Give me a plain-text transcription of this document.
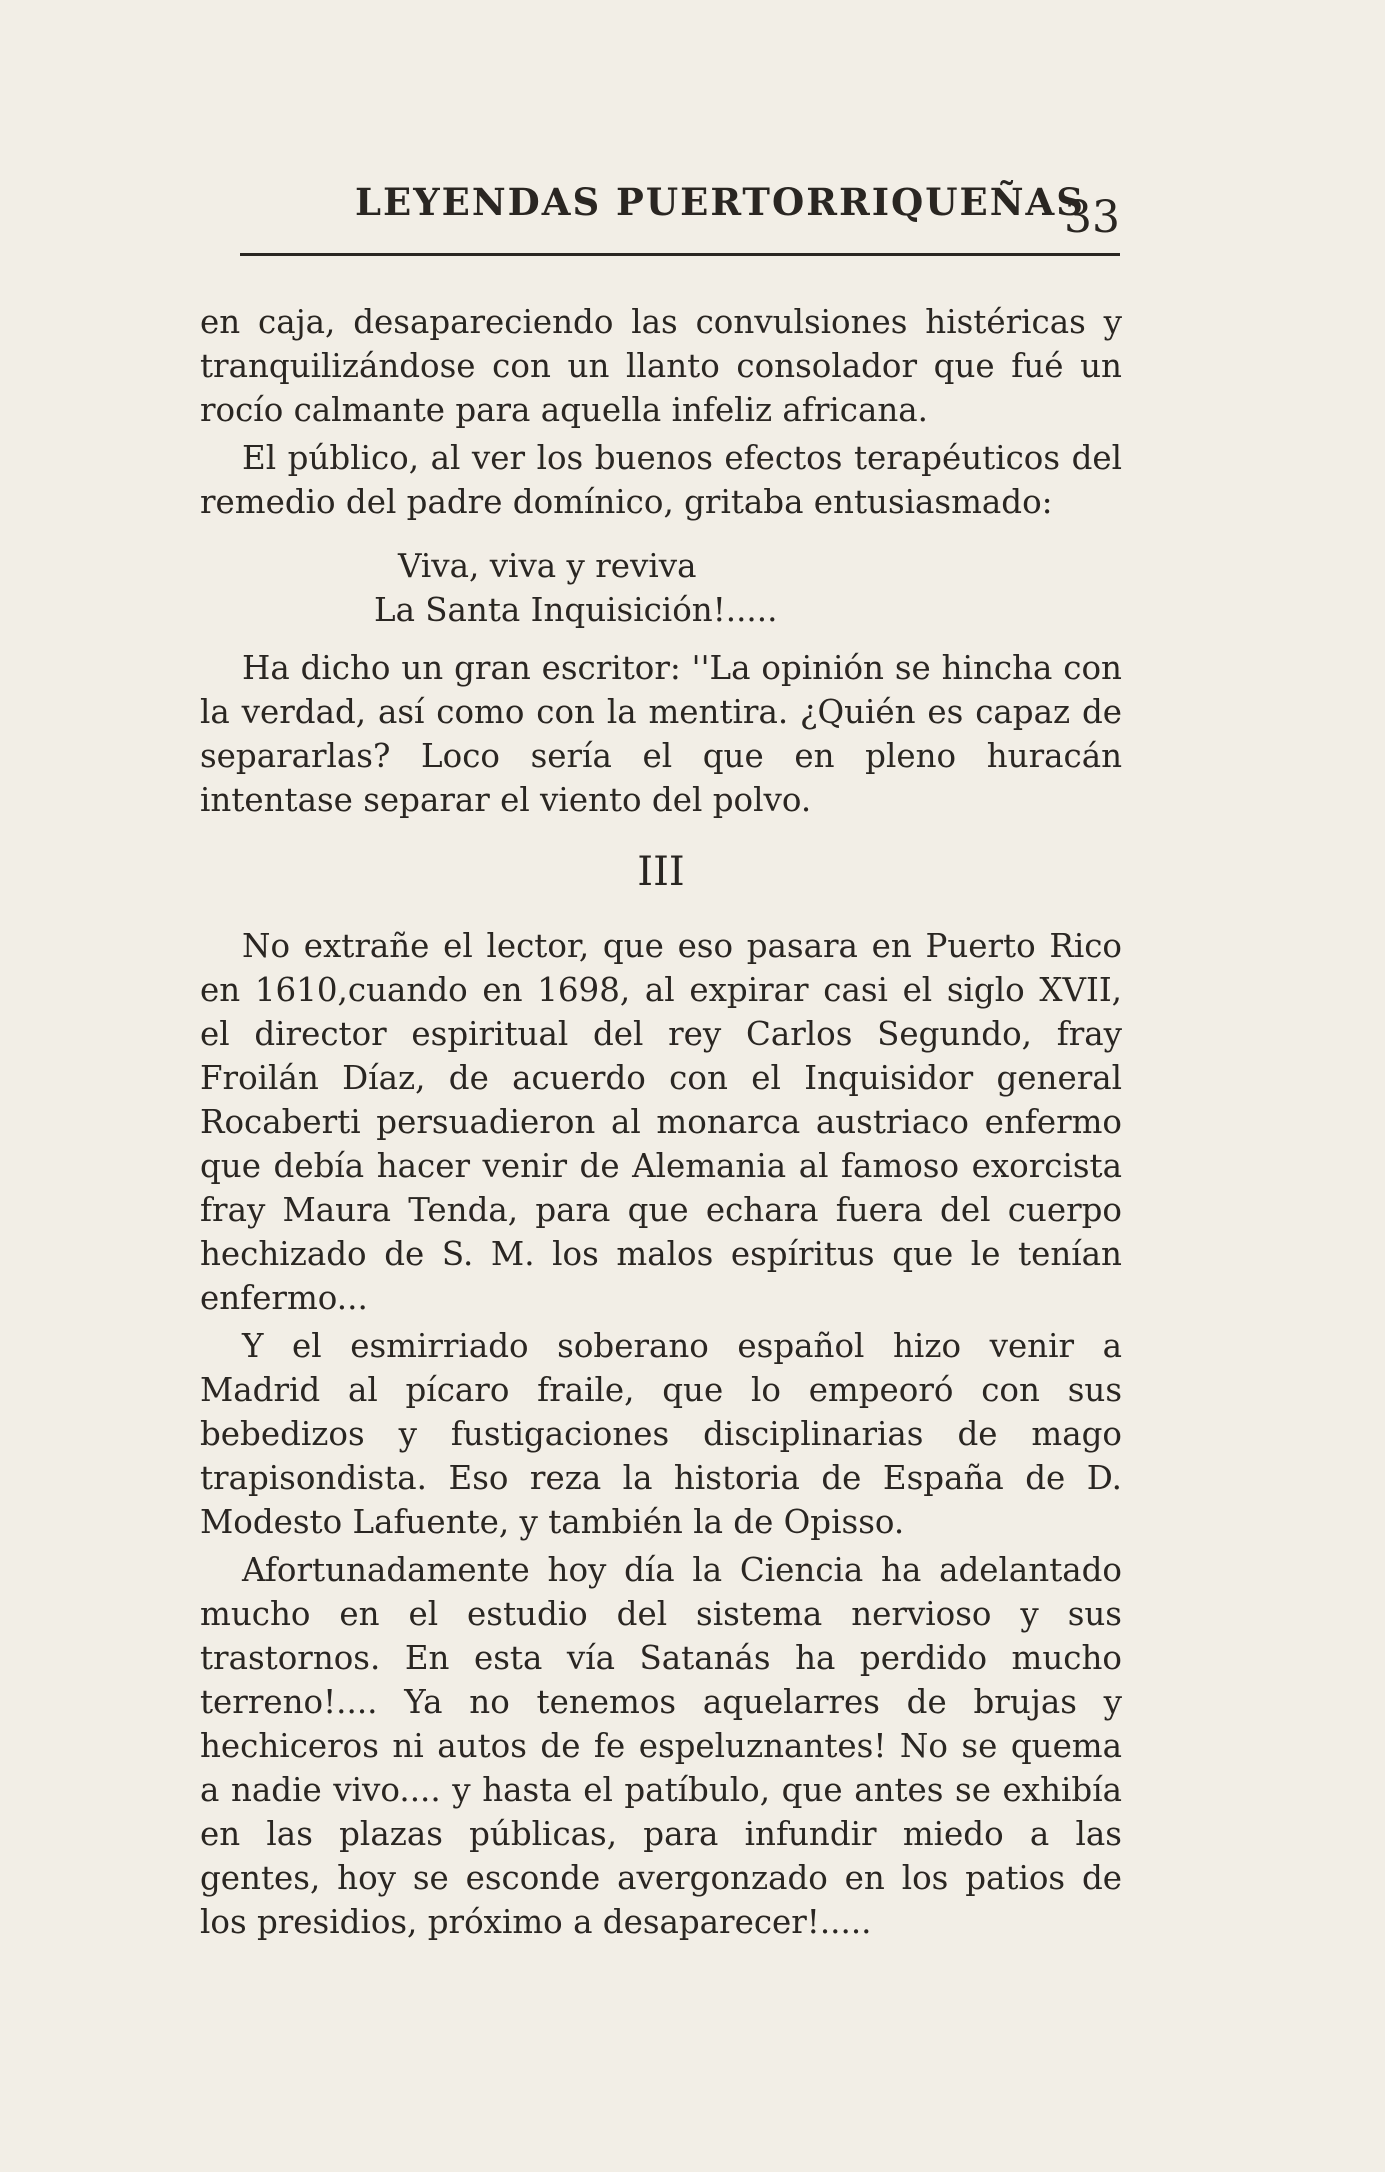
LEYENDAS PUERTORRIQUEÑAS
33

en caja, desapareciendo las convulsiones histéricas y tranquilizándose con un llanto consolador que fué un rocío calmante para aquella infeliz africana.

El público, al ver los buenos efectos terapéuticos del remedio del padre domínico, gritaba entusiasmado:

Viva, viva y reviva
La Santa Inquisición!.....

Ha dicho un gran escritor: ''La opinión se hincha con la verdad, así como con la mentira. ¿Quién es capaz de separarlas? Loco sería el que en pleno huracán intentase separar el viento del polvo.

III

No extrañe el lector, que eso pasara en Puerto Rico en 1610,cuando en 1698, al expirar casi el siglo XVII, el director espiritual del rey Carlos Segundo, fray Froilán Díaz, de acuerdo con el Inquisidor general Rocaberti persuadieron al monarca austriaco enfermo que debía hacer venir de Alemania al famoso exorcista fray Maura Tenda, para que echara fuera del cuerpo hechizado de S. M. los malos espíritus que le tenían enfermo...

Y el esmirriado soberano español hizo venir a Madrid al pícaro fraile, que lo empeoró con sus bebedizos y fustigaciones disciplinarias de mago trapisondista. Eso reza la historia de España de D. Modesto Lafuente, y también la de Opisso.

Afortunadamente hoy día la Ciencia ha adelantado mucho en el estudio del sistema nervioso y sus trastornos. En esta vía Satanás ha perdido mucho terreno!.... Ya no tenemos aquelarres de brujas y hechiceros ni autos de fe espeluznantes! No se quema a nadie vivo.... y hasta el patíbulo, que antes se exhibía en las plazas públicas, para infundir miedo a las gentes, hoy se esconde avergonzado en los patios de los presidios, próximo a desaparecer!.....
